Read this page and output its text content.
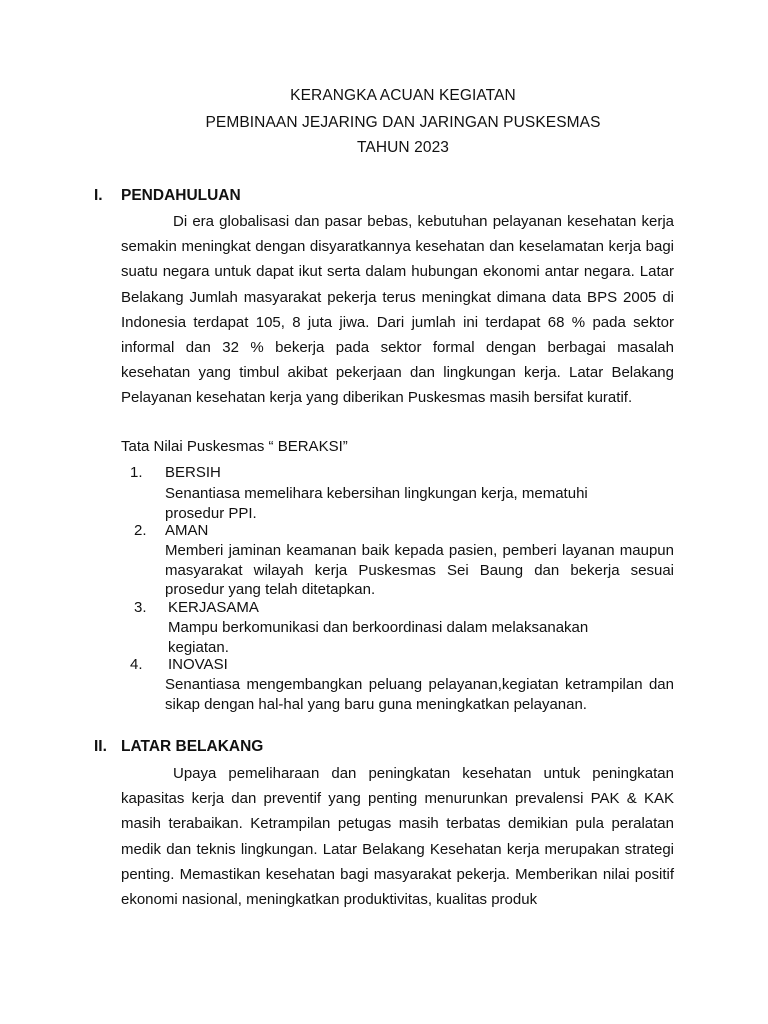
KERANGKA ACUAN KEGIATAN
PEMBINAAN JEJARING DAN JARINGAN PUSKESMAS
TAHUN 2023
I. PENDAHULUAN

Di era globalisasi dan pasar bebas, kebutuhan pelayanan kesehatan kerja semakin meningkat dengan disyaratkannya kesehatan dan keselamatan kerja bagi suatu negara untuk dapat ikut serta dalam hubungan ekonomi antar negara. Latar Belakang Jumlah masyarakat pekerja terus meningkat dimana data BPS 2005 di Indonesia terdapat 105, 8 juta jiwa. Dari jumlah ini terdapat 68 % pada sektor informal dan 32 % bekerja pada sektor formal dengan berbagai masalah kesehatan yang timbul akibat pekerjaan dan lingkungan kerja. Latar Belakang Pelayanan kesehatan kerja yang diberikan Puskesmas masih bersifat kuratif.

Tata Nilai Puskesmas “ BERAKSI”
1. BERSIH

Senantiasa memelihara kebersihan lingkungan kerja, mematuhi prosedur PPI.

2. AMAN

Memberi jaminan keamanan baik kepada pasien, pemberi layanan maupun masyarakat wilayah kerja Puskesmas Sei Baung dan bekerja sesuai prosedur yang telah ditetapkan.

3. KERJASAMA

Mampu berkomunikasi dan berkoordinasi dalam melaksanakan kegiatan.

4. INOVASI

Senantiasa mengembangkan peluang pelayanan,kegiatan ketrampilan dan sikap dengan hal-hal yang baru guna meningkatkan pelayanan.

II. LATAR BELAKANG

Upaya pemeliharaan dan peningkatan kesehatan untuk peningkatan kapasitas kerja dan preventif yang penting menurunkan prevalensi PAK & KAK masih terabaikan. Ketrampilan petugas masih terbatas demikian pula peralatan medik dan teknis lingkungan. Latar Belakang Kesehatan kerja merupakan strategi penting. Memastikan kesehatan bagi masyarakat pekerja. Memberikan nilai positif ekonomi nasional, meningkatkan produktivitas, kualitas produk
